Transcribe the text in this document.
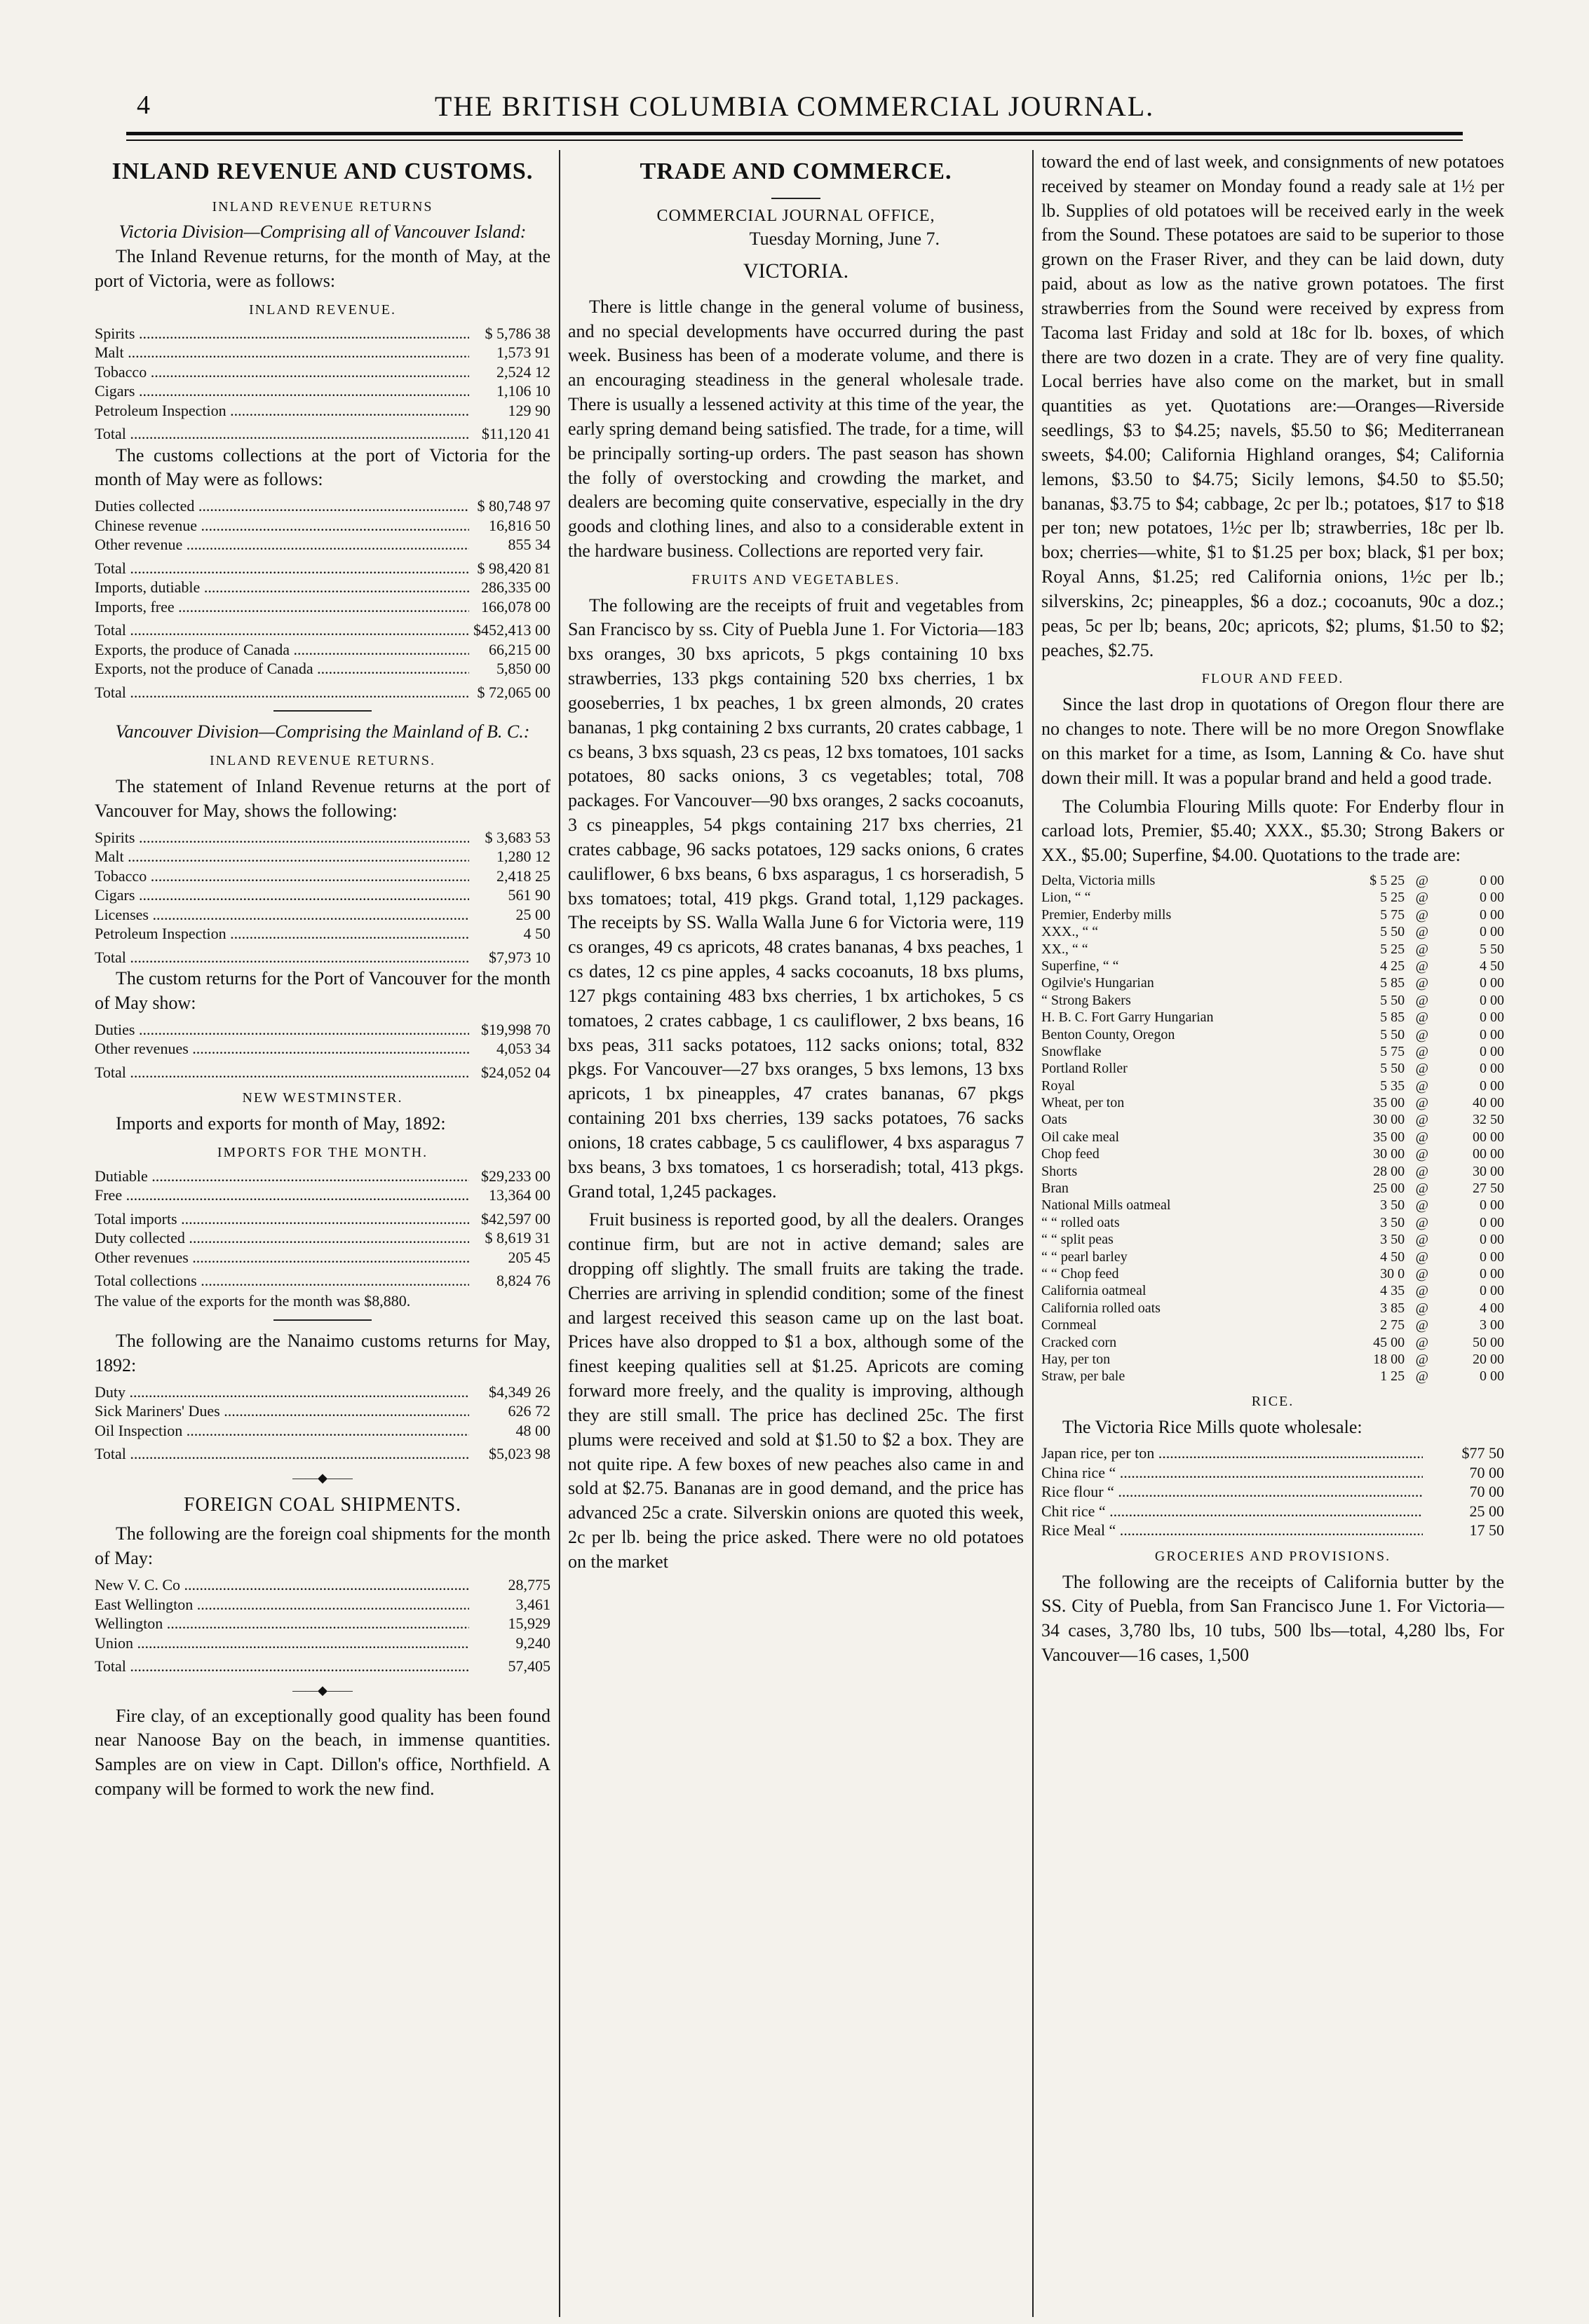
4	THE BRITISH COLUMBIA COMMERCIAL JOURNAL.
INLAND REVENUE AND CUSTOMS.
INLAND REVENUE RETURNS
Victoria Division—Comprising all of Vancouver Island:

The Inland Revenue returns, for the month of May, at the port of Victoria, were as follows:

INLAND REVENUE.
Spirits .....	$ 5,786 38
Malt .....	1,573 91
Tobacco .....	2,524 12
Cigars .....	1,106 10
Petroleum Inspection .....	129 90
Total .....	$11,120 41

The customs collections at the port of Victoria for the month of May were as follows:

Duties collected .....	$ 80,748 97
Chinese revenue .....	16,816 50
Other revenue .....	855 34
Total .....	$ 98,420 81
Imports, dutiable .....	286,335 00
Imports, free .....	166,078 00
Total .....	$452,413 00
Exports, the produce of Canada .....	66,215 00
Exports, not the produce of Canada .....	5,850 00
Total .....	$ 72,065 00
Vancouver Division—Comprising the Mainland of B. C.:
INLAND REVENUE RETURNS.

The statement of Inland Revenue returns at the port of Vancouver for May, shows the following:

Spirits .....	$ 3,683 53
Malt .....	1,280 12
Tobacco .....	2,418 25
Cigars .....	561 90
Licenses .....	25 00
Petroleum Inspection .....	4 50
Total .....	$7,973 10

The custom returns for the Port of Vancouver for the month of May show:

Duties .....	$19,998 70
Other revenues .....	4,053 34
Total .....	$24,052 04
NEW WESTMINSTER.

Imports and exports for month of May, 1892:

IMPORTS FOR THE MONTH.
Dutiable .....	$29,233 00
Free .....	13,364 00
Total imports .....	$42,597 00
Duty collected .....	$ 8,619 31
Other revenues .....	205 45
Total collections .....	8,824 76

The value of the exports for the month was $8,880.

The following are the Nanaimo customs returns for May, 1892:

Duty .....	$4,349 26
Sick Mariners' Dues .....	626 72
Oil Inspection .....	48 00
Total .....	$5,023 98
——◆——
FOREIGN COAL SHIPMENTS.

The following are the foreign coal shipments for the month of May:

New V. C. Co .....	28,775
East Wellington .....	3,461
Wellington .....	15,929
Union .....	9,240
Total .....	57,405
——◆——

Fire clay, of an exceptionally good quality has been found near Nanoose Bay on the beach, in immense quantities. Samples are on view in Capt. Dillon's office, Northfield. A company will be formed to work the new find.

TRADE AND COMMERCE.
COMMERCIAL JOURNAL OFFICE,
Tuesday Morning, June 7.
VICTORIA.

There is little change in the general volume of business, and no special developments have occurred during the past week. Business has been of a moderate volume, and there is an encouraging steadiness in the general wholesale trade. There is usually a lessened activity at this time of the year, the early spring demand being satisfied. The trade, for a time, will be principally sorting-up orders. The past season has shown the folly of overstocking and crowding the market, and dealers are becoming quite conservative, especially in the dry goods and clothing lines, and also to a considerable extent in the hardware business. Collections are reported very fair.

FRUITS AND VEGETABLES.

The following are the receipts of fruit and vegetables from San Francisco by ss. City of Puebla June 1. For Victoria—183 bxs oranges, 30 bxs apricots, 5 pkgs containing 10 bxs strawberries, 133 pkgs containing 520 bxs cherries, 1 bx gooseberries, 1 bx peaches, 1 bx green almonds, 20 crates bananas, 1 pkg containing 2 bxs currants, 20 crates cabbage, 1 cs beans, 3 bxs squash, 23 cs peas, 12 bxs tomatoes, 101 sacks potatoes, 80 sacks onions, 3 cs vegetables; total, 708 packages. For Vancouver—90 bxs oranges, 2 sacks cocoanuts, 3 cs pineapples, 54 pkgs containing 217 bxs cherries, 21 crates cabbage, 96 sacks potatoes, 129 sacks onions, 6 crates cauliflower, 6 bxs beans, 6 bxs asparagus, 1 cs horseradish, 5 bxs tomatoes; total, 419 pkgs. Grand total, 1,129 packages. The receipts by SS. Walla Walla June 6 for Victoria were, 119 cs oranges, 49 cs apricots, 48 crates bananas, 4 bxs peaches, 1 cs dates, 12 cs pine apples, 4 sacks cocoanuts, 18 bxs plums, 127 pkgs containing 483 bxs cherries, 1 bx artichokes, 5 cs tomatoes, 2 crates cabbage, 1 cs cauliflower, 2 bxs beans, 16 bxs peas, 311 sacks potatoes, 112 sacks onions; total, 832 pkgs. For Vancouver—27 bxs oranges, 5 bxs lemons, 13 bxs apricots, 1 bx pineapples, 47 crates bananas, 67 pkgs containing 201 bxs cherries, 139 sacks potatoes, 76 sacks onions, 18 crates cabbage, 5 cs cauliflower, 4 bxs asparagus 7 bxs beans, 3 bxs tomatoes, 1 cs horseradish; total, 413 pkgs. Grand total, 1,245 packages.

Fruit business is reported good, by all the dealers. Oranges continue firm, but are not in active demand; sales are dropping off slightly. The small fruits are taking the trade. Cherries are arriving in splendid condition; some of the finest and largest received this season came up on the last boat. Prices have also dropped to $1 a box, although some of the finest keeping qualities sell at $1.25. Apricots are coming forward more freely, and the quality is improving, although they are still small. The price has declined 25c. The first plums were received and sold at $1.50 to $2 a box. They are not quite ripe. A few boxes of new peaches also came in and sold at $2.75. Bananas are in good demand, and the price has advanced 25c a crate. Silverskin onions are quoted this week, 2c per lb. being the price asked. There were no old potatoes on the market

toward the end of last week, and consignments of new potatoes received by steamer on Monday found a ready sale at 1½ per lb. Supplies of old potatoes will be received early in the week from the Sound. These potatoes are said to be superior to those grown on the Fraser River, and they can be laid down, duty paid, about as low as the native grown potatoes. The first strawberries from the Sound were received by express from Tacoma last Friday and sold at 18c for lb. boxes, of which there are two dozen in a crate. They are of very fine quality. Local berries have also come on the market, but in small quantities as yet. Quotations are:—Oranges—Riverside seedlings, $3 to $4.25; navels, $5.50 to $6; Mediterranean sweets, $4.00; California Highland oranges, $4; California lemons, $3.50 to $4.75; Sicily lemons, $4.50 to $5.50; bananas, $3.75 to $4; cabbage, 2c per lb.; potatoes, $17 to $18 per ton; new potatoes, 1½c per lb; strawberries, 18c per lb. box; cherries—white, $1 to $1.25 per box; black, $1 per box; Royal Anns, $1.25; red California onions, 1½c per lb.; silverskins, 2c; pineapples, $6 a doz.; cocoanuts, 90c a doz.; peas, 5c per lb; beans, 20c; apricots, $2; plums, $1.50 to $2; peaches, $2.75.

FLOUR AND FEED.

Since the last drop in quotations of Oregon flour there are no changes to note. There will be no more Oregon Snowflake on this market for a time, as Isom, Lanning & Co. have shut down their mill. It was a popular brand and held a good trade.

The Columbia Flouring Mills quote: For Enderby flour in carload lots, Premier, $5.40; XXX., $5.30; Strong Bakers or XX., $5.00; Superfine, $4.00. Quotations to the trade are:

Delta, Victoria mills	$ 5 25	@	0 00
Lion, “ “	5 25	@	0 00
Premier, Enderby mills	5 75	@	0 00
XXX., “ “	5 50	@	0 00
XX., “ “	5 25	@	5 50
Superfine, “ “	4 25	@	4 50
Ogilvie's Hungarian	5 85	@	0 00
“ Strong Bakers	5 50	@	0 00
H. B. C. Fort Garry Hungarian	5 85	@	0 00
Benton County, Oregon	5 50	@	0 00
Snowflake	5 75	@	0 00
Portland Roller	5 50	@	0 00
Royal	5 35	@	0 00
Wheat, per ton	35 00	@	40 00
Oats	30 00	@	32 50
Oil cake meal	35 00	@	00 00
Chop feed	30 00	@	00 00
Shorts	28 00	@	30 00
Bran	25 00	@	27 50
National Mills oatmeal	3 50	@	0 00
“ “ rolled oats	3 50	@	0 00
“ “ split peas	3 50	@	0 00
“ “ pearl barley	4 50	@	0 00
“ “ Chop feed	30 0	@	0 00
California oatmeal	4 35	@	0 00
California rolled oats	3 85	@	4 00
Cornmeal	2 75	@	3 00
Cracked corn	45 00	@	50 00
Hay, per ton	18 00	@	20 00
Straw, per bale	1 25	@	0 00
RICE.

The Victoria Rice Mills quote wholesale:

Japan rice, per ton .....	$77 50
China rice “ .....	70 00
Rice flour “ .....	70 00
Chit rice “ .....	25 00
Rice Meal “ .....	17 50
GROCERIES AND PROVISIONS.

The following are the receipts of California butter by the SS. City of Puebla, from San Francisco June 1. For Victoria—34 cases, 3,780 lbs, 10 tubs, 500 lbs—total, 4,280 lbs, For Vancouver—16 cases, 1,500
